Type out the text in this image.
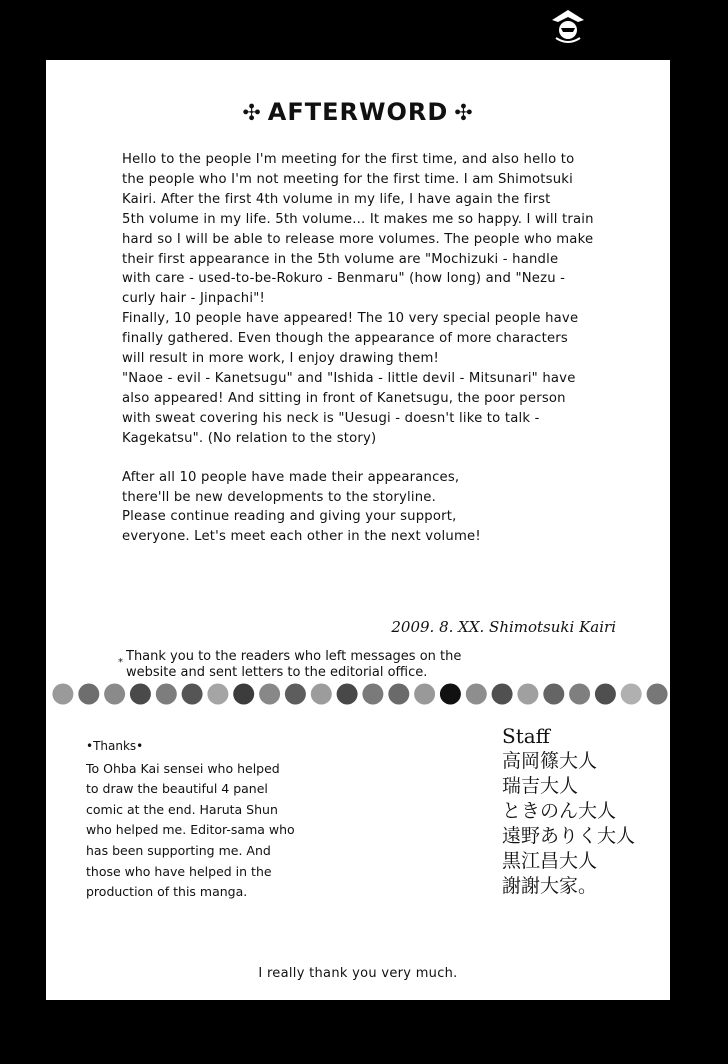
✣ AFTERWORD ✣

Hello to the people I'm meeting for the first time, and also hello to
the people who I'm not meeting for the first time. I am Shimotsuki
Kairi. After the first 4th volume in my life, I have again the first
5th volume in my life. 5th volume... It makes me so happy. I will train
hard so I will be able to release more volumes. The people who make
their first appearance in the 5th volume are "Mochizuki - handle
with care - used-to-be-Rokuro - Benmaru" (how long) and "Nezu -
curly hair - Jinpachi"!
Finally, 10 people have appeared! The 10 very special people have
finally gathered. Even though the appearance of more characters
will result in more work, I enjoy drawing them!
"Naoe - evil - Kanetsugu" and "Ishida - little devil - Mitsunari" have
also appeared! And sitting in front of Kanetsugu, the poor person
with sweat covering his neck is "Uesugi - doesn't like to talk -
Kagekatsu". (No relation to the story)

After all 10 people have made their appearances,
there'll be new developments to the storyline.
Please continue reading and giving your support,
everyone. Let's meet each other in the next volume!

2009. 8. XX. Shimotsuki Kairi
* Thank you to the readers who left messages on the
website and sent letters to the editorial office.
•Thanks•
To Ohba Kai sensei who helped
to draw the beautiful 4 panel
comic at the end. Haruta Shun
who helped me. Editor-sama who
has been supporting me. And
those who have helped in the
production of this manga.
Staff
高岡篠大人
瑞吉大人
ときのん大人
遠野ありく大人
黒江昌大人
謝謝大家。
I really thank you very much.
